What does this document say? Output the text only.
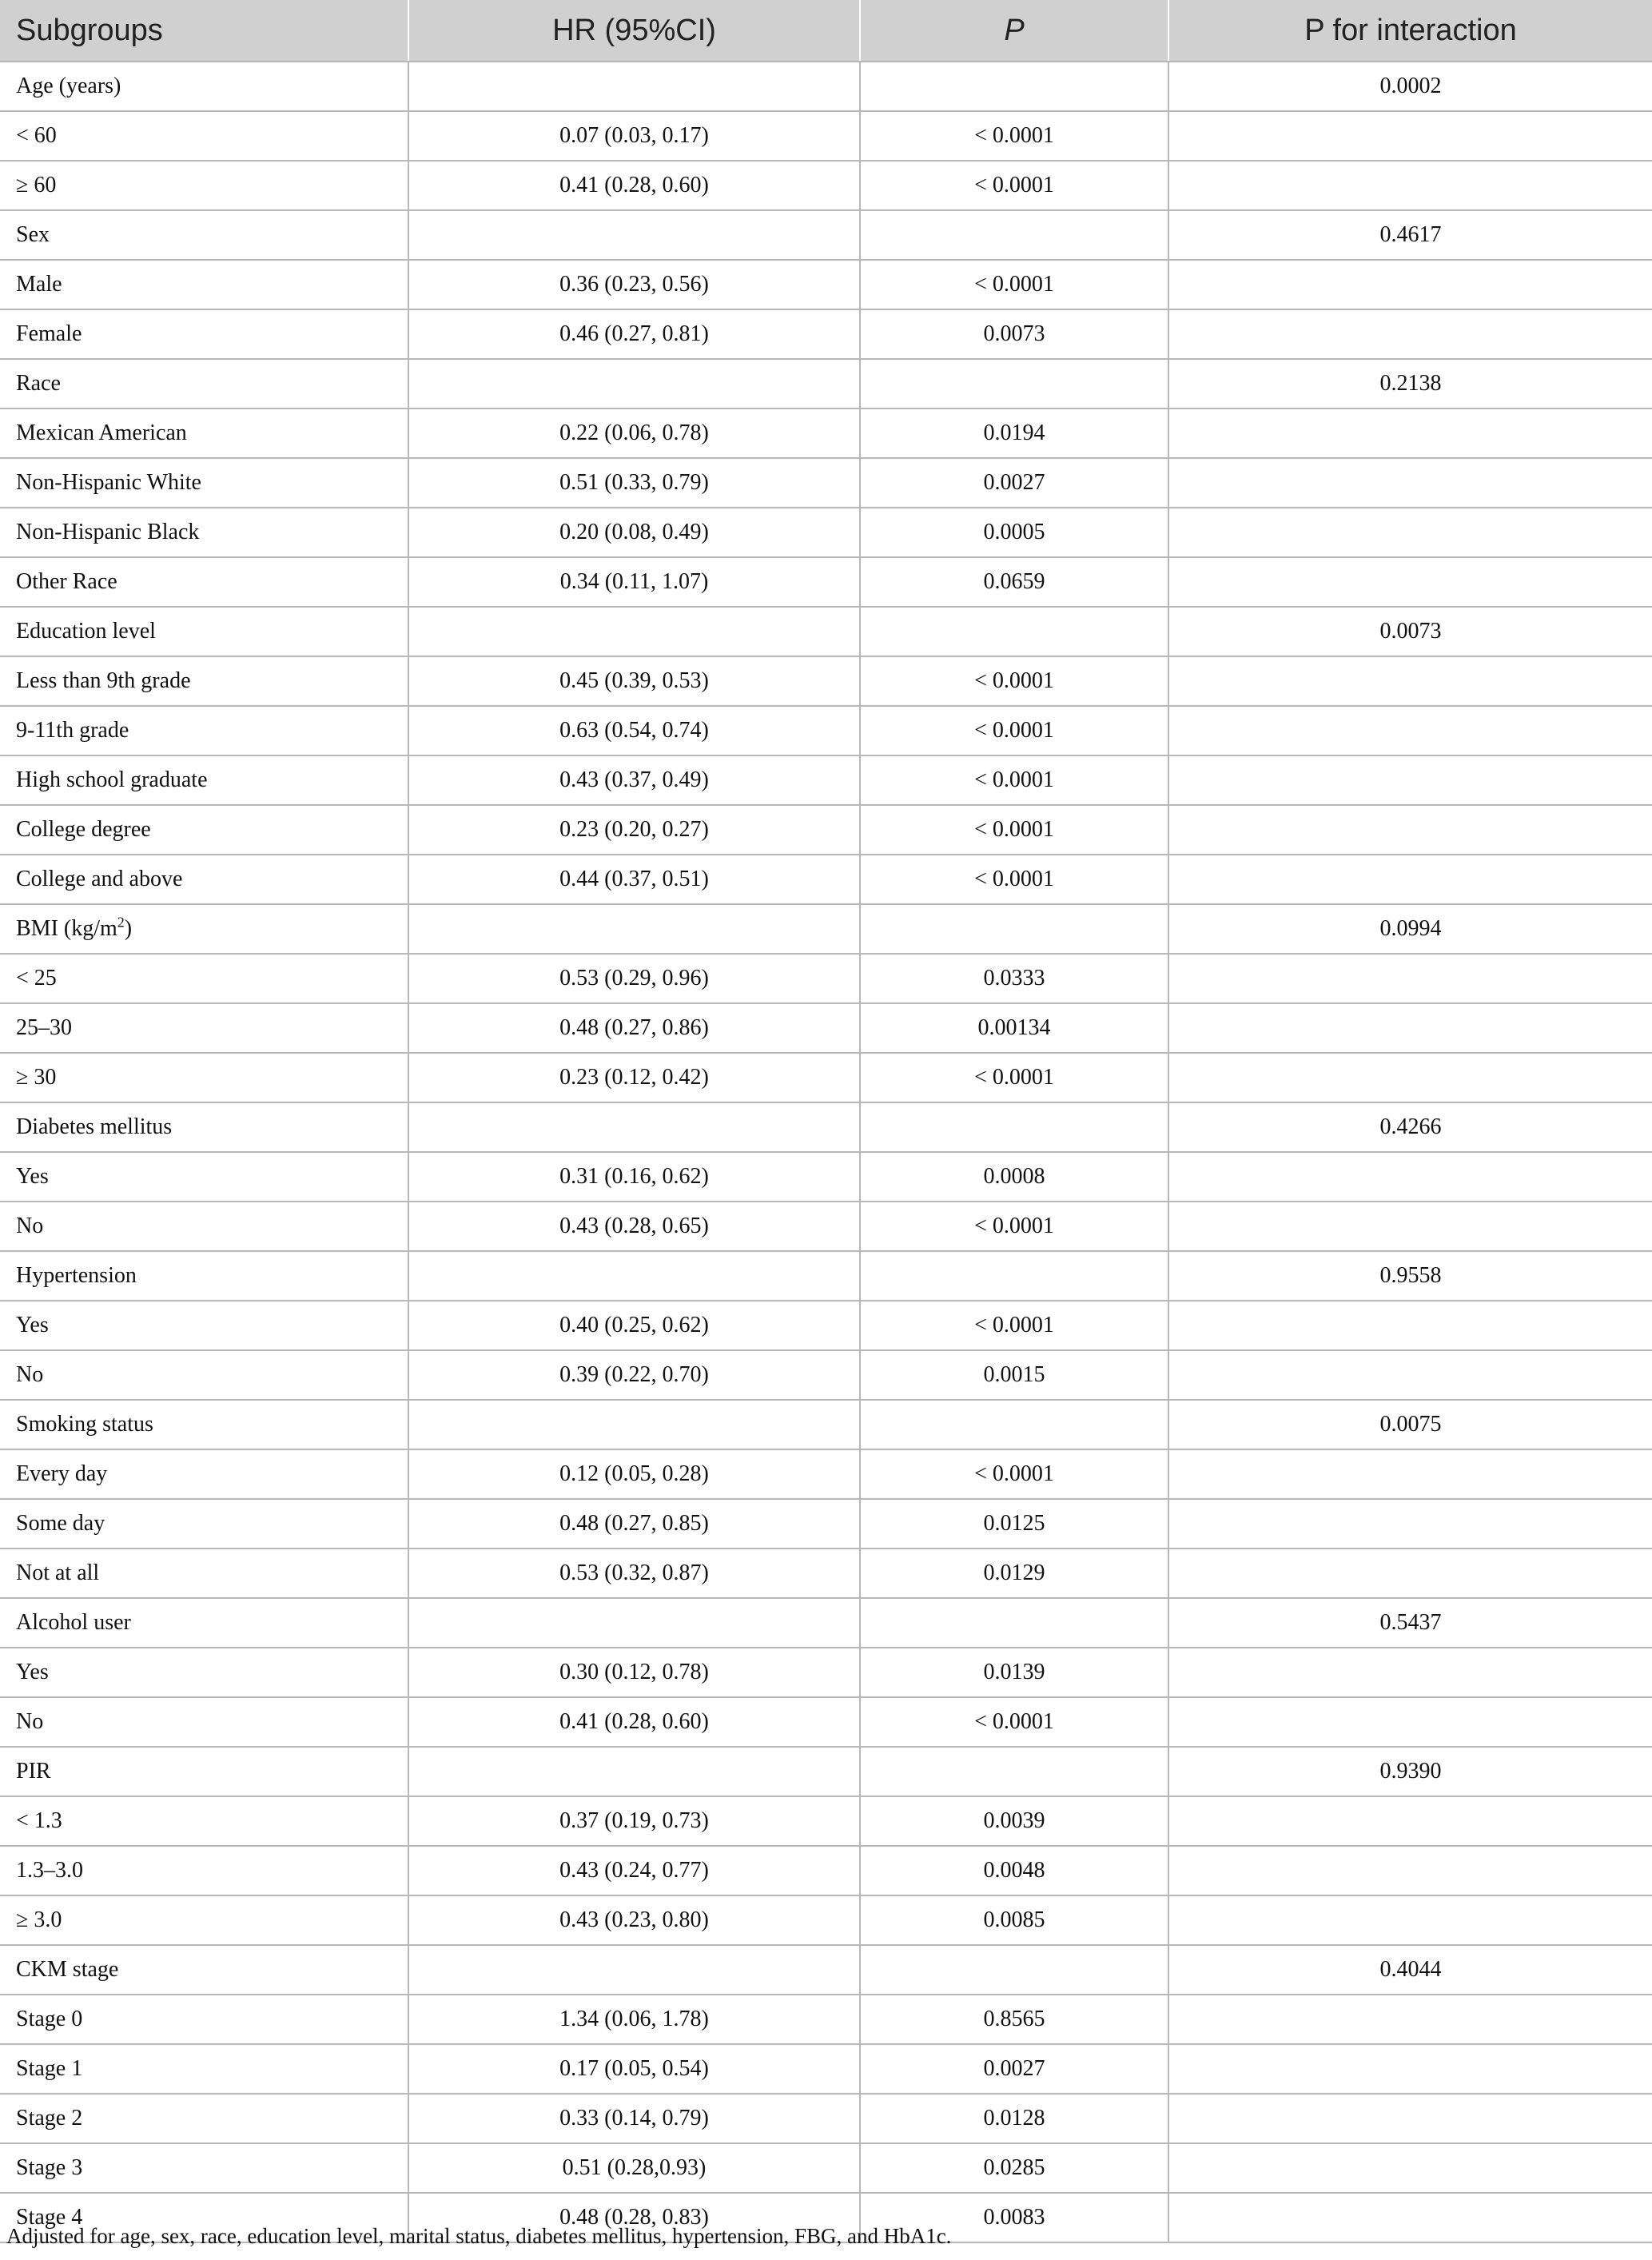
Subgroups	HR (95%CI)	P	P for interaction
Age (years)			0.0002
< 60	0.07 (0.03, 0.17)	< 0.0001	
≥ 60	0.41 (0.28, 0.60)	< 0.0001	
Sex			0.4617
Male	0.36 (0.23, 0.56)	< 0.0001	
Female	0.46 (0.27, 0.81)	0.0073	
Race			0.2138
Mexican American	0.22 (0.06, 0.78)	0.0194	
Non-Hispanic White	0.51 (0.33, 0.79)	0.0027	
Non-Hispanic Black	0.20 (0.08, 0.49)	0.0005	
Other Race	0.34 (0.11, 1.07)	0.0659	
Education level			0.0073
Less than 9th grade	0.45 (0.39, 0.53)	< 0.0001	
9-11th grade	0.63 (0.54, 0.74)	< 0.0001	
High school graduate	0.43 (0.37, 0.49)	< 0.0001	
College degree	0.23 (0.20, 0.27)	< 0.0001	
College and above	0.44 (0.37, 0.51)	< 0.0001	
BMI $(kg/m^2)$			0.0994
< 25	0.53 (0.29, 0.96)	0.0333	
25–30	0.48 (0.27, 0.86)	0.00134	
≥ 30	0.23 (0.12, 0.42)	< 0.0001	
Diabetes mellitus			0.4266
Yes	0.31 (0.16, 0.62)	0.0008	
No	0.43 (0.28, 0.65)	< 0.0001	
Hypertension			0.9558
Yes	0.40 (0.25, 0.62)	< 0.0001	
No	0.39 (0.22, 0.70)	0.0015	
Smoking status			0.0075
Every day	0.12 (0.05, 0.28)	< 0.0001	
Some day	0.48 (0.27, 0.85)	0.0125	
Not at all	0.53 (0.32, 0.87)	0.0129	
Alcohol user			0.5437
Yes	0.30 (0.12, 0.78)	0.0139	
No	0.41 (0.28, 0.60)	< 0.0001	
PIR			0.9390
< 1.3	0.37 (0.19, 0.73)	0.0039	
1.3–3.0	0.43 (0.24, 0.77)	0.0048	
≥ 3.0	0.43 (0.23, 0.80)	0.0085	
CKM stage			0.4044
Stage 0	1.34 (0.06, 1.78)	0.8565	
Stage 1	0.17 (0.05, 0.54)	0.0027	
Stage 2	0.33 (0.14, 0.79)	0.0128	
Stage 3	0.51 (0.28,0.93)	0.0285	
Stage 4	0.48 (0.28, 0.83)	0.0083	
Adjusted for age, sex, race, education level, marital status, diabetes mellitus, hypertension, FBG, and HbA1c.
